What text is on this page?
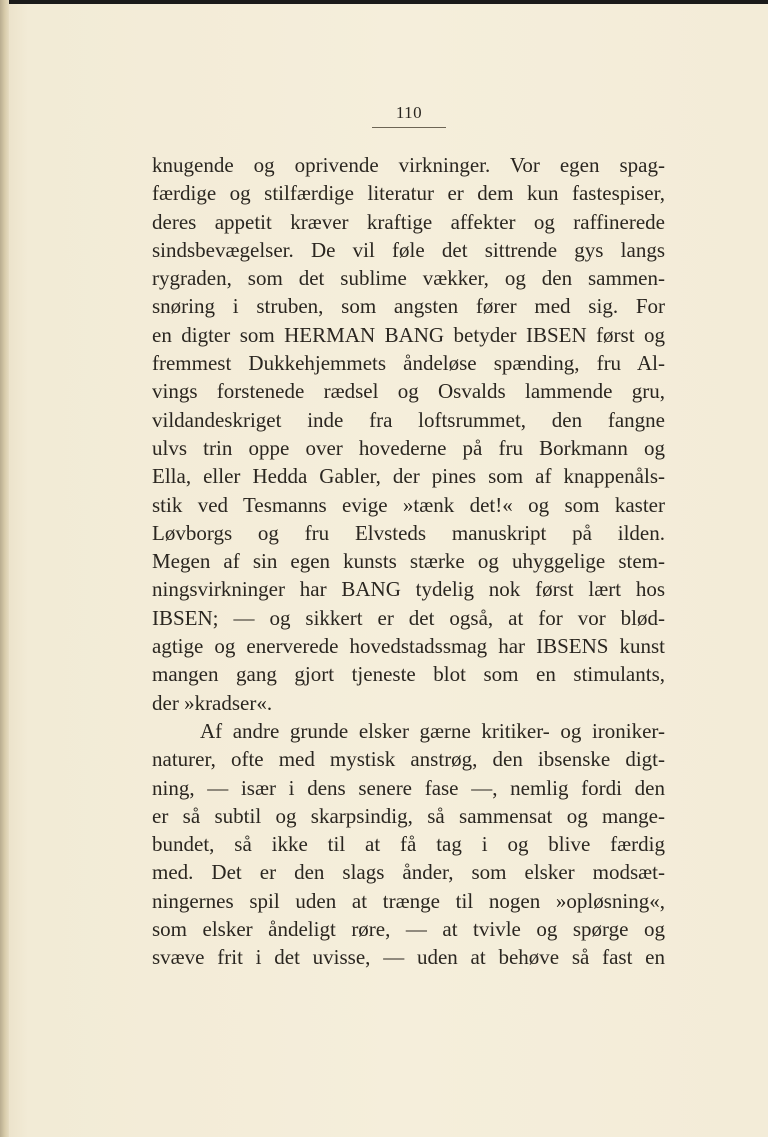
110
knugende og oprivende virkninger. Vor egen spag-
færdige og stilfærdige literatur er dem kun fastespiser,
deres appetit kræver kraftige affekter og raffinerede
sindsbevægelser. De vil føle det sittrende gys langs
rygraden, som det sublime vækker, og den sammen-
snøring i struben, som angsten fører med sig. For
en digter som HERMAN BANG betyder IBSEN først og
fremmest Dukkehjemmets åndeløse spænding, fru Al-
vings forstenede rædsel og Osvalds lammende gru,
vildandeskriget inde fra loftsrummet, den fangne
ulvs trin oppe over hovederne på fru Borkmann og
Ella, eller Hedda Gabler, der pines som af knappenåls-
stik ved Tesmanns evige »tænk det!« og som kaster
Løvborgs og fru Elvsteds manuskript på ilden.
Megen af sin egen kunsts stærke og uhyggelige stem-
ningsvirkninger har BANG tydelig nok først lært hos
IBSEN; — og sikkert er det også, at for vor blød-
agtige og enerverede hovedstadssmag har IBSENS kunst
mangen gang gjort tjeneste blot som en stimulants,
der »kradser«.
Af andre grunde elsker gærne kritiker- og ironiker-
naturer, ofte med mystisk anstrøg, den ibsenske digt-
ning, — især i dens senere fase —, nemlig fordi den
er så subtil og skarpsindig, så sammensat og mange-
bundet, så ikke til at få tag i og blive færdig
med. Det er den slags ånder, som elsker modsæt-
ningernes spil uden at trænge til nogen »opløsning«,
som elsker åndeligt røre, — at tvivle og spørge og
svæve frit i det uvisse, — uden at behøve så fast en
